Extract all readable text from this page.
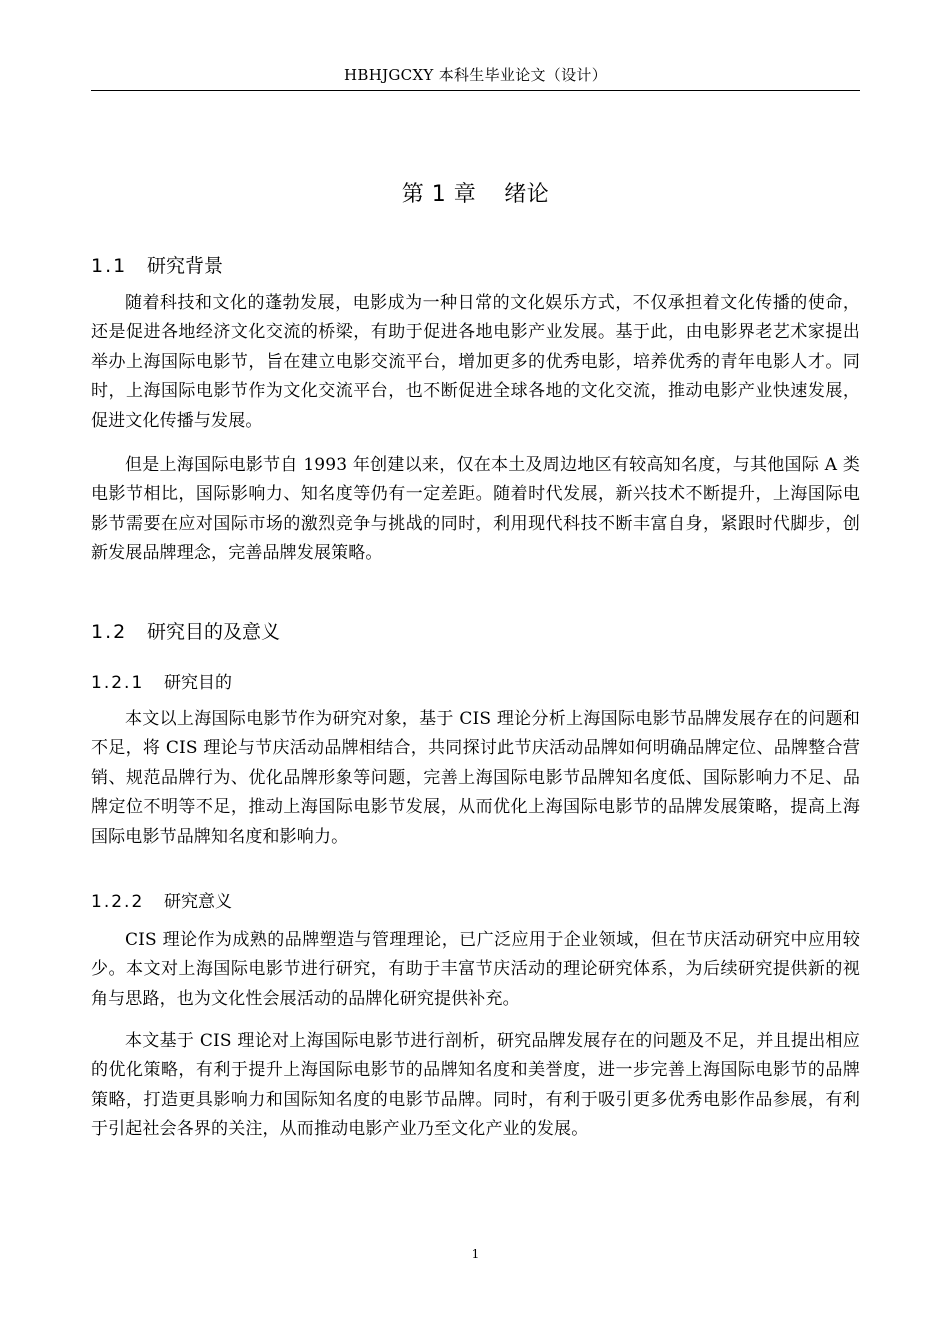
HBHJGCXY 本科生毕业论文（设计）
第 1 章 绪论
1.1 研究背景

随着科技和文化的蓬勃发展，电影成为一种日常的文化娱乐方式，不仅承担着文化传播的使命，还是促进各地经济文化交流的桥梁，有助于促进各地电影产业发展。基于此，由电影界老艺术家提出举办上海国际电影节，旨在建立电影交流平台，增加更多的优秀电影，培养优秀的青年电影人才。同时，上海国际电影节作为文化交流平台，也不断促进全球各地的文化交流，推动电影产业快速发展，促进文化传播与发展。

但是上海国际电影节自 1993 年创建以来，仅在本土及周边地区有较高知名度，与其他国际 A 类电影节相比，国际影响力、知名度等仍有一定差距。随着时代发展，新兴技术不断提升，上海国际电影节需要在应对国际市场的激烈竞争与挑战的同时，利用现代科技不断丰富自身，紧跟时代脚步，创新发展品牌理念，完善品牌发展策略。

1.2 研究目的及意义
1.2.1 研究目的

本文以上海国际电影节作为研究对象，基于 CIS 理论分析上海国际电影节品牌发展存在的问题和不足，将 CIS 理论与节庆活动品牌相结合，共同探讨此节庆活动品牌如何明确品牌定位、品牌整合营销、规范品牌行为、优化品牌形象等问题，完善上海国际电影节品牌知名度低、国际影响力不足、品牌定位不明等不足，推动上海国际电影节发展，从而优化上海国际电影节的品牌发展策略，提高上海国际电影节品牌知名度和影响力。

1.2.2 研究意义

CIS 理论作为成熟的品牌塑造与管理理论，已广泛应用于企业领域，但在节庆活动研究中应用较少。本文对上海国际电影节进行研究，有助于丰富节庆活动的理论研究体系，为后续研究提供新的视角与思路，也为文化性会展活动的品牌化研究提供补充。

本文基于 CIS 理论对上海国际电影节进行剖析，研究品牌发展存在的问题及不足，并且提出相应的优化策略，有利于提升上海国际电影节的品牌知名度和美誉度，进一步完善上海国际电影节的品牌策略，打造更具影响力和国际知名度的电影节品牌。同时，有利于吸引更多优秀电影作品参展，有利于引起社会各界的关注，从而推动电影产业乃至文化产业的发展。

1
